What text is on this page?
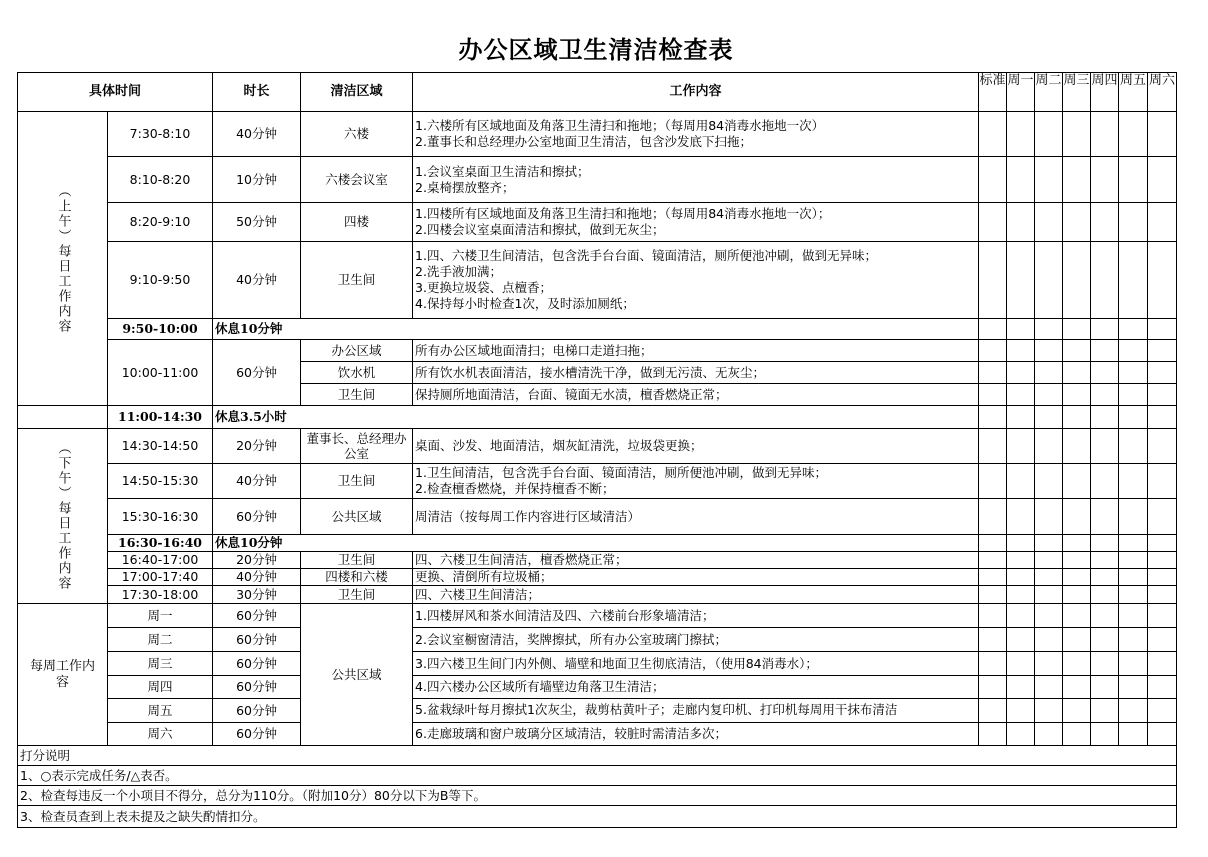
办公区域卫生清洁检查表
具体时间		时长	清洁区域	工作内容	标准	周一	周二	周三	周四	周五	周六

（上午）每日工作内容	7:30-8:10	40分钟	六楼	1.六楼所有区域地面及角落卫生清扫和拖地；（每周用84消毒水拖地一次）
2.董事长和总经理办公室地面卫生清洁，包含沙发底下扫拖；							

	8:10-8:20	10分钟	六楼会议室	1.会议室桌面卫生清洁和擦拭；
2.桌椅摆放整齐；							

	8:20-9:10	50分钟	四楼	1.四楼所有区域地面及角落卫生清扫和拖地；（每周用84消毒水拖地一次）；
2.四楼会议室桌面清洁和擦拭，做到无灰尘；							

	9:10-9:50	40分钟	卫生间	1.四、六楼卫生间清洁，包含洗手台台面、镜面清洁，厕所便池冲刷，做到无异味；
2.洗手液加满；
3.更换垃圾袋、点檀香；
4.保持每小时检查1次，及时添加厕纸；							

	9:50-10:00	休息10分钟									
	10:00-11:00	60分钟	办公区域	所有办公区域地面清扫；电梯口走道扫拖；							
			饮水机	所有饮水机表面清洁，接水槽清洗干净，做到无污渍、无灰尘；							
			卫生间	保持厕所地面清洁，台面、镜面无水渍，檀香燃烧正常；							
	11:00-14:30	休息3.5小时									

（下午）每日工作内容	14:30-14:50	20分钟	董事长、总经理办公室	桌面、沙发、地面清洁，烟灰缸清洗，垃圾袋更换；							
	14:50-15:30	40分钟	卫生间	1.卫生间清洁，包含洗手台台面、镜面清洁，厕所便池冲刷，做到无异味；
2.检查檀香燃烧，并保持檀香不断；							

	15:30-16:30	60分钟	公共区域	周清洁（按每周工作内容进行区域清洁）							
	16:30-16:40	休息10分钟									
	16:40-17:00	20分钟	卫生间	四、六楼卫生间清洁，檀香燃烧正常；							
	17:00-17:40	40分钟	四楼和六楼	更换、清倒所有垃圾桶；							
	17:30-18:00	30分钟	卫生间	四、六楼卫生间清洁；							
每周工作内容	周一	60分钟	公共区域	1.四楼屏风和茶水间清洁及四、六楼前台形象墙清洁；							
	周二	60分钟		2.会议室橱窗清洁，奖牌擦拭，所有办公室玻璃门擦拭；							
	周三	60分钟		3.四六楼卫生间门内外侧、墙壁和地面卫生彻底清洁，（使用84消毒水）；							
	周四	60分钟		4.四六楼办公区域所有墙壁边角落卫生清洁；							
	周五	60分钟		5.盆栽绿叶每月擦拭1次灰尘，裁剪枯黄叶子；走廊内复印机、打印机每周用干抹布清洁							

	周六	60分钟		6.走廊玻璃和窗户玻璃分区域清洁，较脏时需清洁多次；							
打分说明											
1、○表示完成任务/△表否。											
2、检查每违反一个小项目不得分，总分为110分。（附加10分）80分以下为B等下。											
3、检查员查到上表未提及之缺失酌情扣分。											
